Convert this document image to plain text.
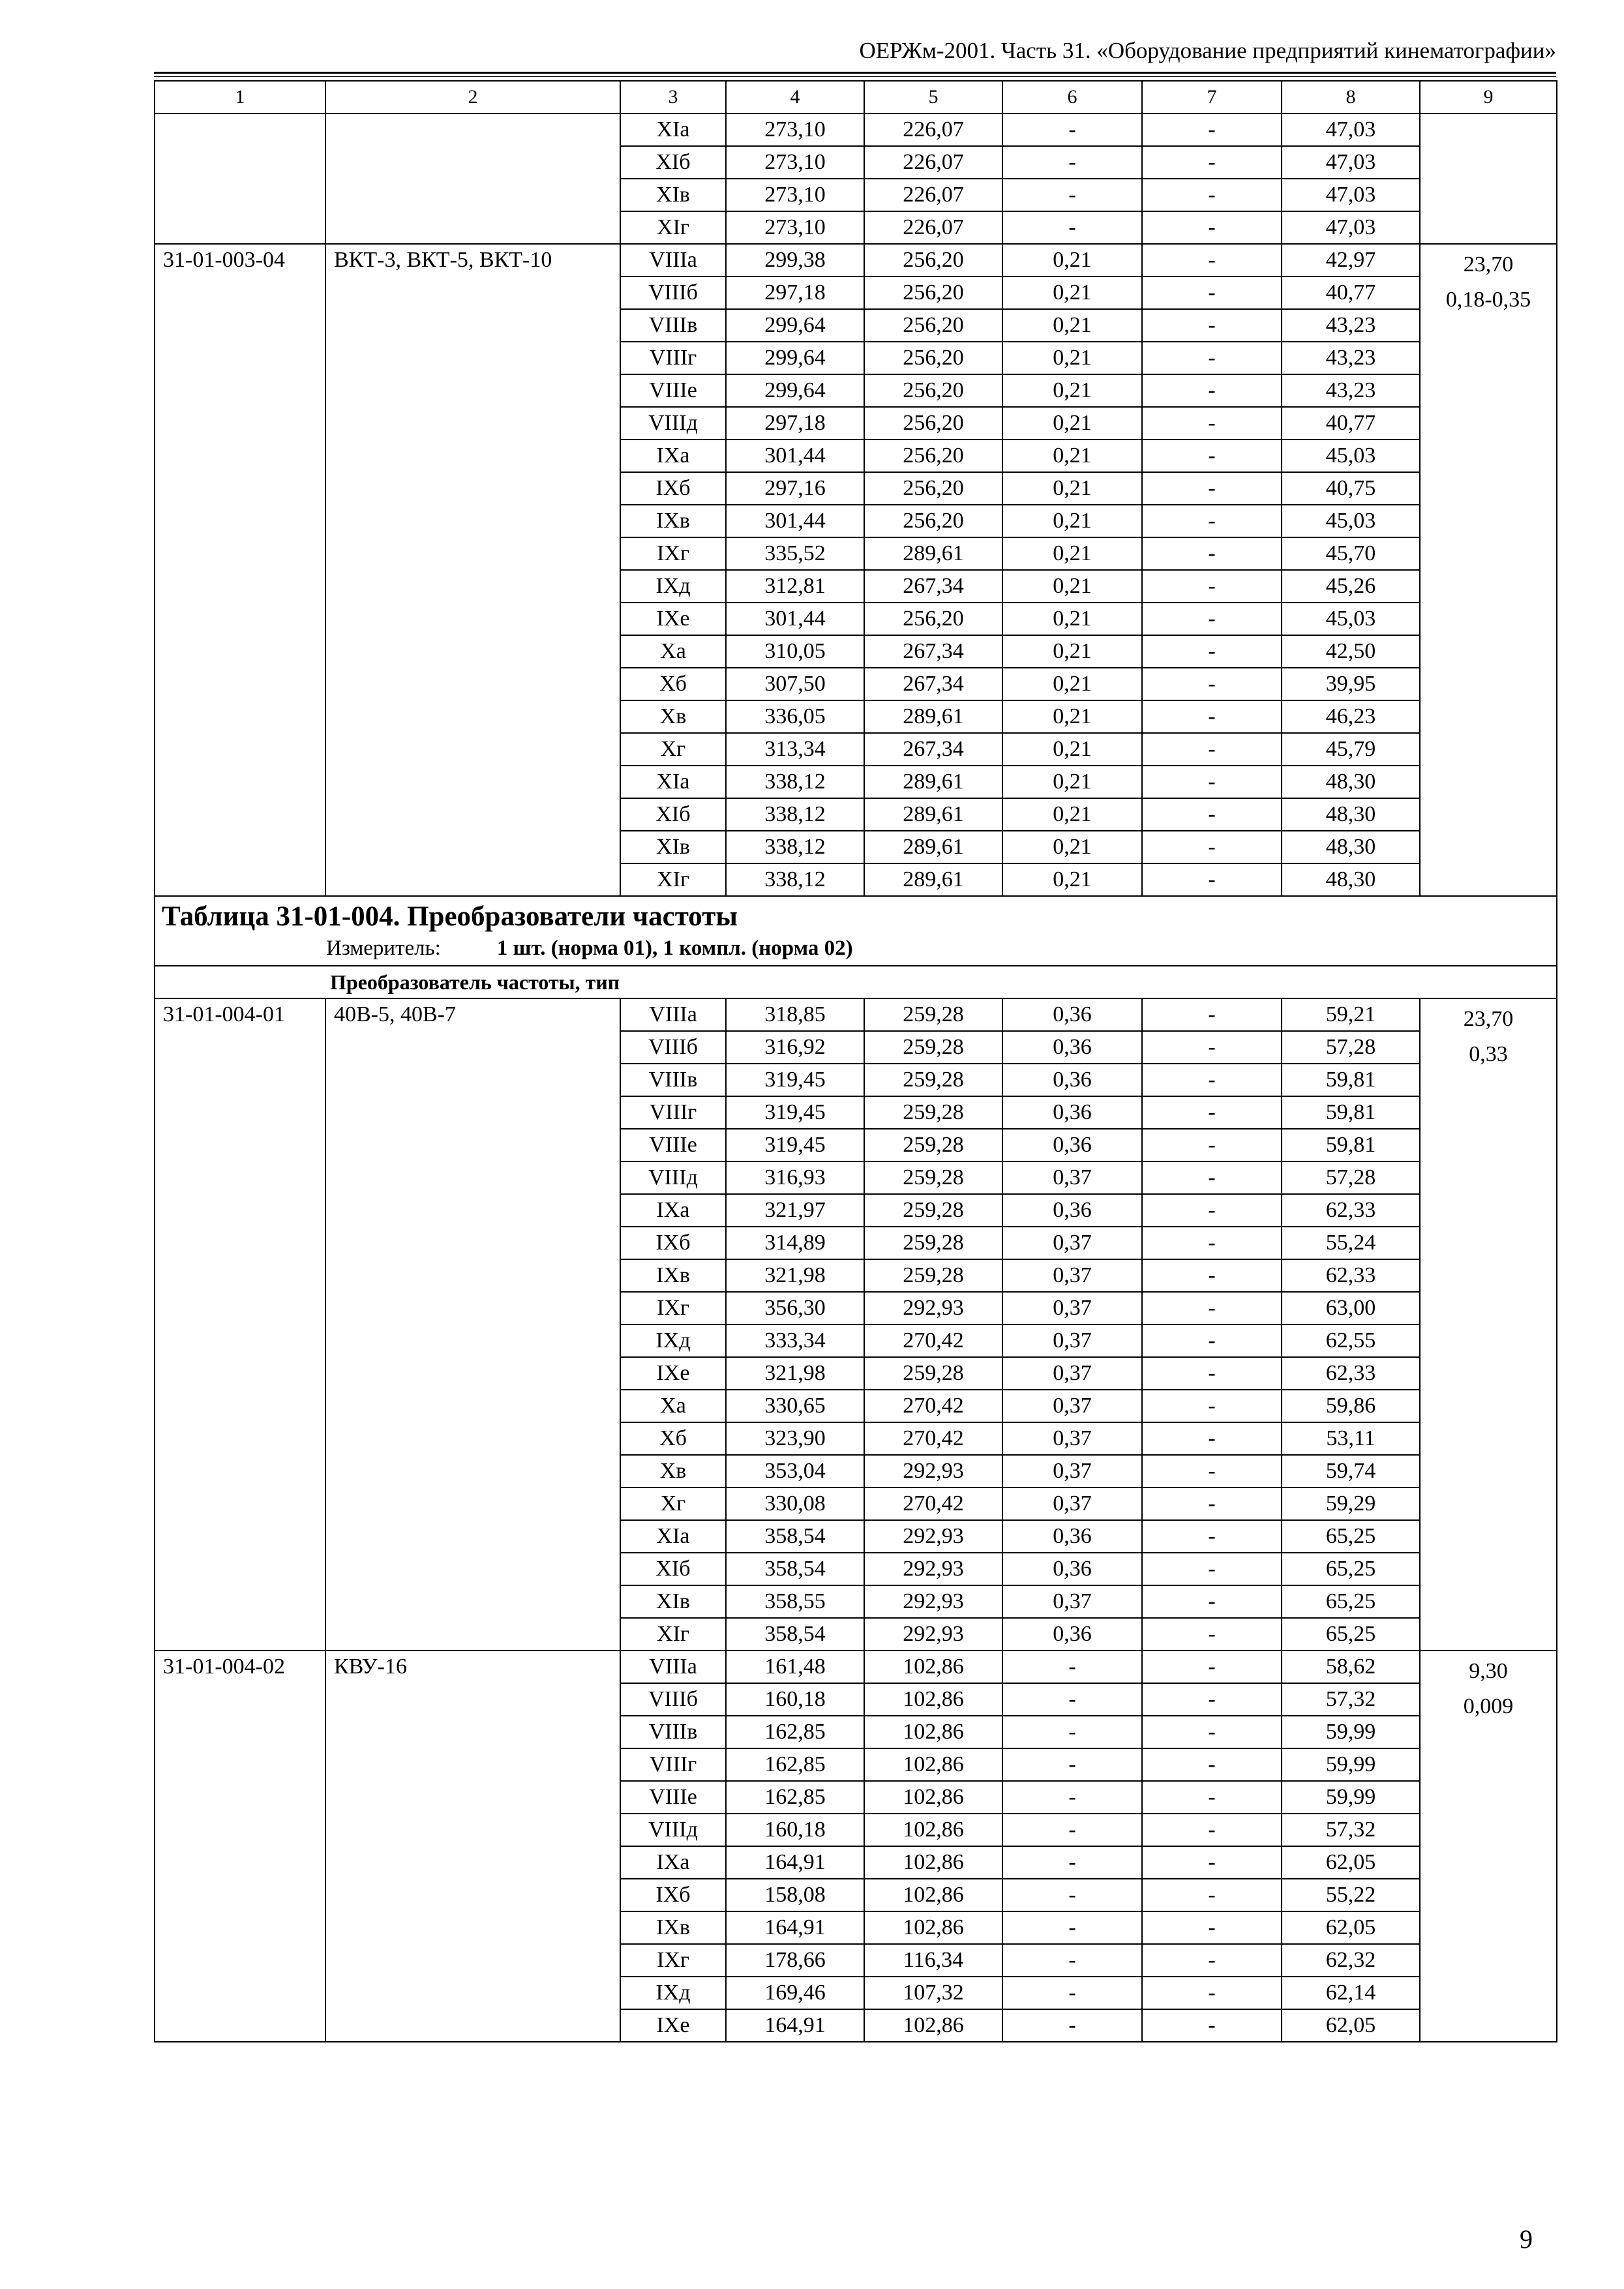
ОЕРЖм-2001. Часть 31. «Оборудование предприятий кинематографии»
1	2	3	4	5	6	7	8	9
		XIа	273,10	226,07	-	-	47,03	
		XIб	273,10	226,07	-	-	47,03	
		XIв	273,10	226,07	-	-	47,03	
		XIг	273,10	226,07	-	-	47,03	
31-01-003-04	ВКТ-3, ВКТ-5, ВКТ-10	VIIIа	299,38	256,20	0,21	-	42,97	23,70
0,18-0,35

		VIIIб	297,18	256,20	0,21	-	40,77	
		VIIIв	299,64	256,20	0,21	-	43,23	
		VIIIг	299,64	256,20	0,21	-	43,23	
		VIIIе	299,64	256,20	0,21	-	43,23	
		VIIIд	297,18	256,20	0,21	-	40,77	
		IXа	301,44	256,20	0,21	-	45,03	
		IXб	297,16	256,20	0,21	-	40,75	
		IXв	301,44	256,20	0,21	-	45,03	
		IXг	335,52	289,61	0,21	-	45,70	
		IXд	312,81	267,34	0,21	-	45,26	
		IXе	301,44	256,20	0,21	-	45,03	
		Xа	310,05	267,34	0,21	-	42,50	
		Xб	307,50	267,34	0,21	-	39,95	
		Xв	336,05	289,61	0,21	-	46,23	
		Xг	313,34	267,34	0,21	-	45,79	
		XIа	338,12	289,61	0,21	-	48,30	
		XIб	338,12	289,61	0,21	-	48,30	
		XIв	338,12	289,61	0,21	-	48,30	
		XIг	338,12	289,61	0,21	-	48,30	
Таблица 31-01-004. Преобразователи частоты
Измеритель: 1 шт. (норма 01), 1 компл. (норма 02)								

Преобразователь частоты, тип								
31-01-004-01	40В-5, 40В-7	VIIIа	318,85	259,28	0,36	-	59,21	23,70
0,33

		VIIIб	316,92	259,28	0,36	-	57,28	
		VIIIв	319,45	259,28	0,36	-	59,81	
		VIIIг	319,45	259,28	0,36	-	59,81	
		VIIIе	319,45	259,28	0,36	-	59,81	
		VIIIд	316,93	259,28	0,37	-	57,28	
		IXа	321,97	259,28	0,36	-	62,33	
		IXб	314,89	259,28	0,37	-	55,24	
		IXв	321,98	259,28	0,37	-	62,33	
		IXг	356,30	292,93	0,37	-	63,00	
		IXд	333,34	270,42	0,37	-	62,55	
		IXе	321,98	259,28	0,37	-	62,33	
		Xа	330,65	270,42	0,37	-	59,86	
		Xб	323,90	270,42	0,37	-	53,11	
		Xв	353,04	292,93	0,37	-	59,74	
		Xг	330,08	270,42	0,37	-	59,29	
		XIа	358,54	292,93	0,36	-	65,25	
		XIб	358,54	292,93	0,36	-	65,25	
		XIв	358,55	292,93	0,37	-	65,25	
		XIг	358,54	292,93	0,36	-	65,25	
31-01-004-02	КВУ-16	VIIIа	161,48	102,86	-	-	58,62	9,30
0,009

		VIIIб	160,18	102,86	-	-	57,32	
		VIIIв	162,85	102,86	-	-	59,99	
		VIIIг	162,85	102,86	-	-	59,99	
		VIIIе	162,85	102,86	-	-	59,99	
		VIIIд	160,18	102,86	-	-	57,32	
		IXа	164,91	102,86	-	-	62,05	
		IXб	158,08	102,86	-	-	55,22	
		IXв	164,91	102,86	-	-	62,05	
		IXг	178,66	116,34	-	-	62,32	
		IXд	169,46	107,32	-	-	62,14	
		IXе	164,91	102,86	-	-	62,05	
9
